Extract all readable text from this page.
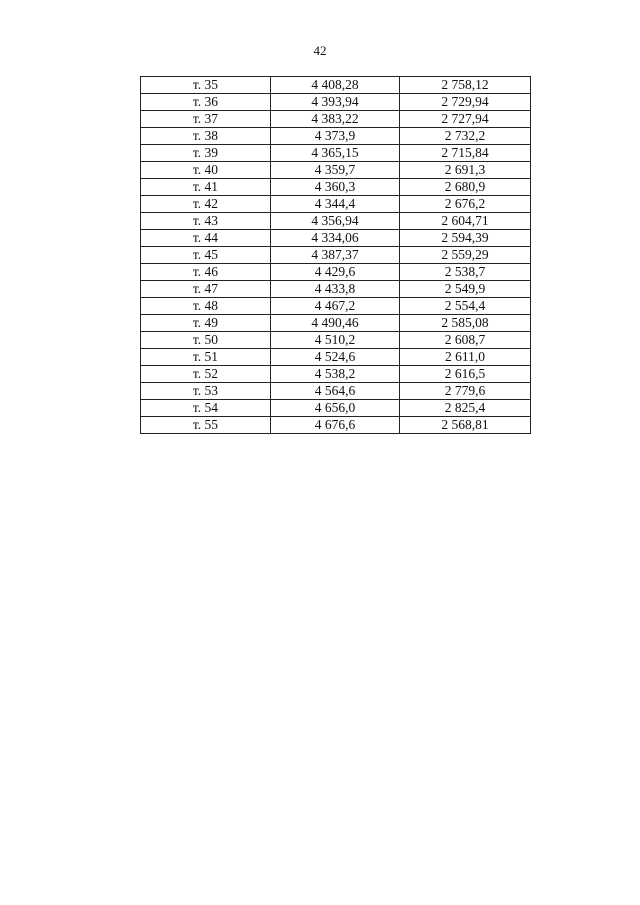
42
т. 35	4 408,28	2 758,12
т. 36	4 393,94	2 729,94
т. 37	4 383,22	2 727,94
т. 38	4 373,9	2 732,2
т. 39	4 365,15	2 715,84
т. 40	4 359,7	2 691,3
т. 41	4 360,3	2 680,9
т. 42	4 344,4	2 676,2
т. 43	4 356,94	2 604,71
т. 44	4 334,06	2 594,39
т. 45	4 387,37	2 559,29
т. 46	4 429,6	2 538,7
т. 47	4 433,8	2 549,9
т. 48	4 467,2	2 554,4
т. 49	4 490,46	2 585,08
т. 50	4 510,2	2 608,7
т. 51	4 524,6	2 611,0
т. 52	4 538,2	2 616,5
т. 53	4 564,6	2 779,6
т. 54	4 656,0	2 825,4
т. 55	4 676,6	2 568,81
